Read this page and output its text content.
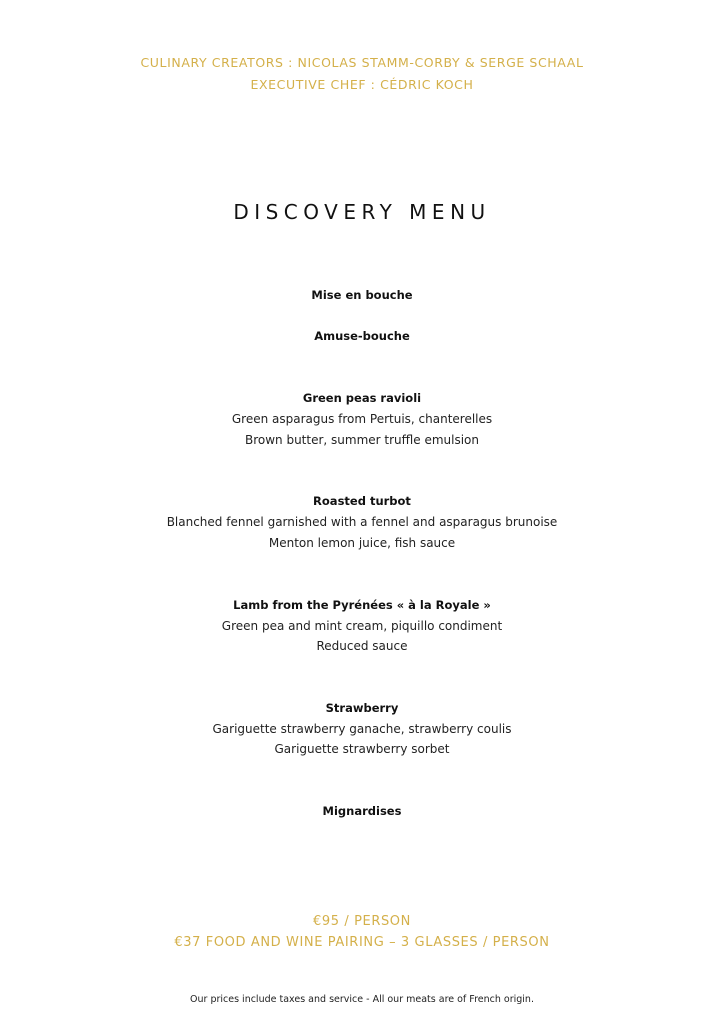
CULINARY CREATORS : NICOLAS STAMM-CORBY & SERGE SCHAAL
EXECUTIVE CHEF : CÉDRIC KOCH
DISCOVERY MENU
Mise en bouche
Amuse-bouche
Green peas ravioli
Green asparagus from Pertuis, chanterelles
Brown butter, summer truffle emulsion
Roasted turbot
Blanched fennel garnished with a fennel and asparagus brunoise
Menton lemon juice, fish sauce
Lamb from the Pyrénées « à la Royale »
Green pea and mint cream, piquillo condiment
Reduced sauce
Strawberry
Gariguette strawberry ganache, strawberry coulis
Gariguette strawberry sorbet
Mignardises
€95 / PERSON
€37 FOOD AND WINE PAIRING – 3 GLASSES / PERSON
Our prices include taxes and service - All our meats are of French origin.
